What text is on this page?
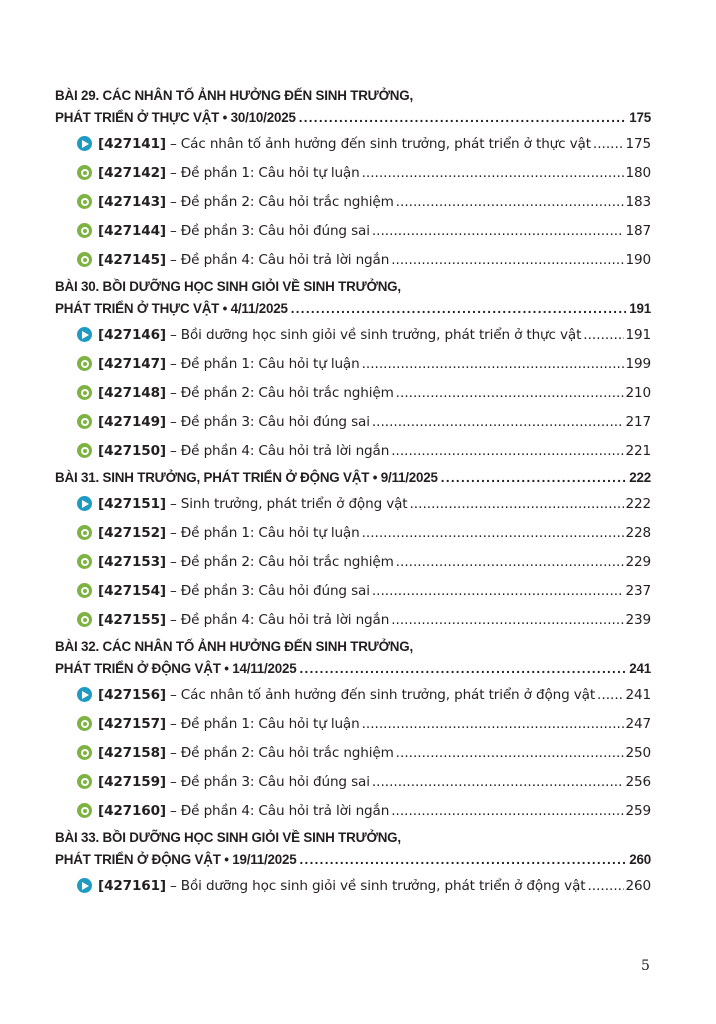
BÀI 29. CÁC NHÂN TỐ ẢNH HƯỞNG ĐẾN SINH TRƯỞNG,
PHÁT TRIỂN Ở THỰC VẬT • 30/10/2025 . . .	175
[427141] – Các nhân tố ảnh hưởng đến sinh trưởng, phát triển ở thực vật .....	175
[427142] – Đề phần 1: Câu hỏi tự luận .....	180
[427143] – Đề phần 2: Câu hỏi trắc nghiệm .....	183
[427144] – Đề phần 3: Câu hỏi đúng sai .....	187
[427145] – Đề phần 4: Câu hỏi trả lời ngắn .....	190
BÀI 30. BỒI DƯỠNG HỌC SINH GIỎI VỀ SINH TRƯỞNG,
PHÁT TRIỂN Ở THỰC VẬT • 4/11/2025 . . .	191
[427146] – Bồi dưỡng học sinh giỏi về sinh trưởng, phát triển ở thực vật .....	191
[427147] – Đề phần 1: Câu hỏi tự luận .....	199
[427148] – Đề phần 2: Câu hỏi trắc nghiệm .....	210
[427149] – Đề phần 3: Câu hỏi đúng sai .....	217
[427150] – Đề phần 4: Câu hỏi trả lời ngắn .....	221
BÀI 31. SINH TRƯỞNG, PHÁT TRIỂN Ở ĐỘNG VẬT • 9/11/2025 . . .	222
[427151] – Sinh trưởng, phát triển ở động vật .....	222
[427152] – Đề phần 1: Câu hỏi tự luận .....	228
[427153] – Đề phần 2: Câu hỏi trắc nghiệm .....	229
[427154] – Đề phần 3: Câu hỏi đúng sai .....	237
[427155] – Đề phần 4: Câu hỏi trả lời ngắn .....	239
BÀI 32. CÁC NHÂN TỐ ẢNH HƯỞNG ĐẾN SINH TRƯỞNG,
PHÁT TRIỂN Ở ĐỘNG VẬT • 14/11/2025 . . .	241
[427156] – Các nhân tố ảnh hưởng đến sinh trưởng, phát triển ở động vật ..... 241
[427157] – Đề phần 1: Câu hỏi tự luận .....	247
[427158] – Đề phần 2: Câu hỏi trắc nghiệm .....	250
[427159] – Đề phần 3: Câu hỏi đúng sai .....	256
[427160] – Đề phần 4: Câu hỏi trả lời ngắn .....	259
BÀI 33. BỒI DƯỠNG HỌC SINH GIỎI VỀ SINH TRƯỞNG,
PHÁT TRIỂN Ở ĐỘNG VẬT • 19/11/2025 . . .	260
[427161] – Bồi dưỡng học sinh giỏi về sinh trưởng, phát triển ở động vật .....	260
5
